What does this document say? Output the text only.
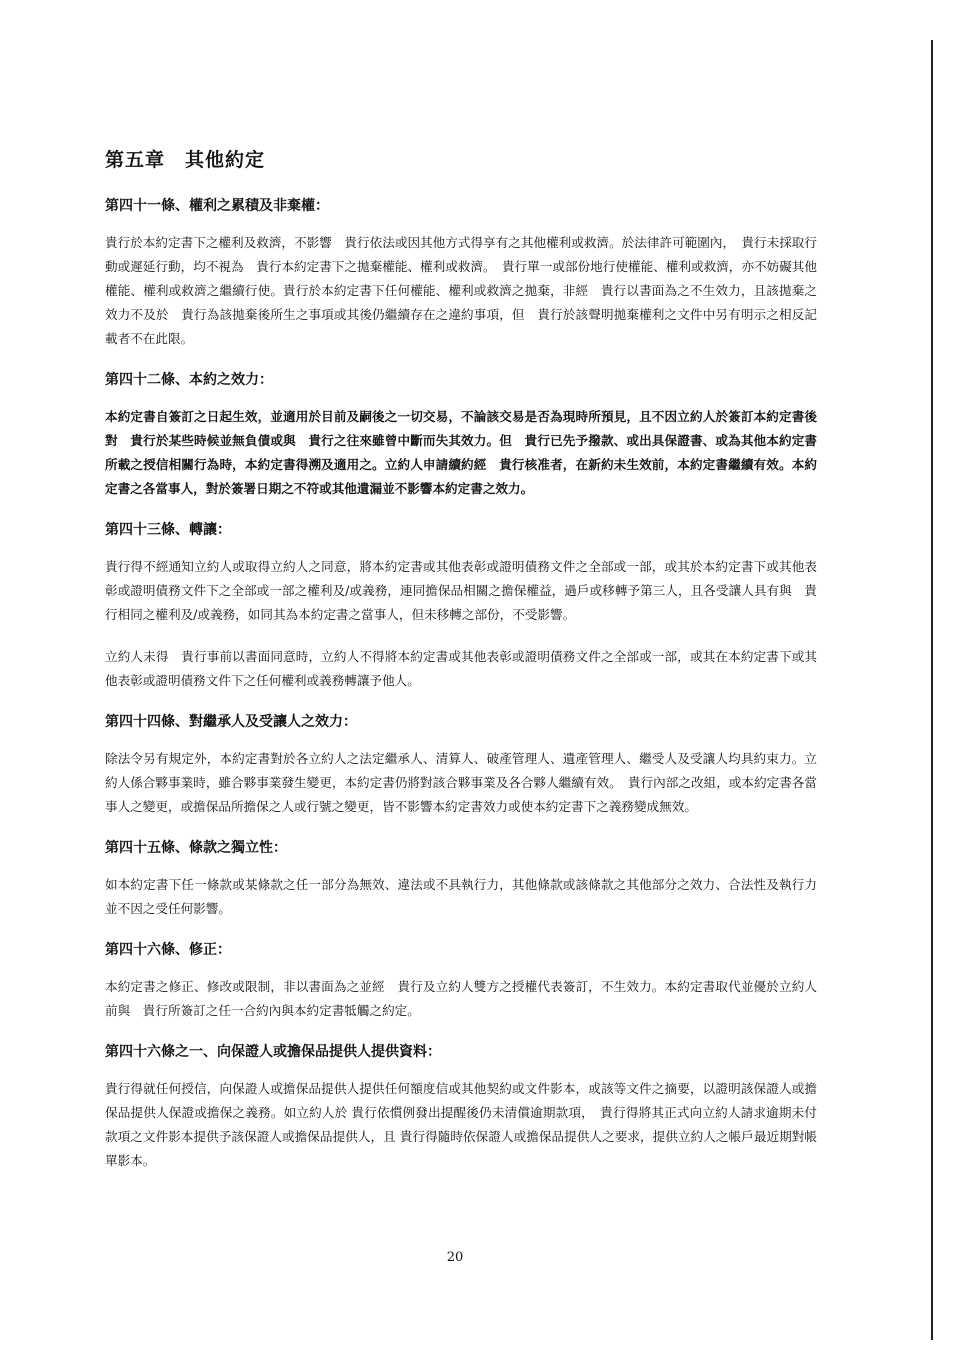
第五章　其他約定
第四十一條、權利之累積及非棄權：

貴行於本約定書下之權利及救濟，不影響　貴行依法或因其他方式得享有之其他權利或救濟。於法律許可範圍內，　貴行未採取行動或遲延行動，均不視為　貴行本約定書下之拋棄權能、權利或救濟。　貴行單一或部份地行使權能、權利或救濟，亦不妨礙其他權能、權利或救濟之繼續行使。貴行於本約定書下任何權能、權利或救濟之拋棄，非經　貴行以書面為之不生效力，且該拋棄之效力不及於　貴行為該拋棄後所生之事項或其後仍繼續存在之違約事項，但　貴行於該聲明拋棄權利之文件中另有明示之相反記載者不在此限。

第四十二條、本約之效力：

本約定書自簽訂之日起生效，並適用於目前及嗣後之一切交易，不論該交易是否為現時所預見，且不因立約人於簽訂本約定書後對　貴行於某些時候並無負債或與　貴行之往來雖曾中斷而失其效力。但　貴行已先予撥款、或出具保證書、或為其他本約定書所載之授信相關行為時，本約定書得溯及適用之。立約人申請續約經　貴行核准者，在新約未生效前，本約定書繼續有效。本約定書之各當事人，對於簽署日期之不符或其他遺漏並不影響本約定書之效力。

第四十三條、轉讓：

貴行得不經通知立約人或取得立約人之同意，將本約定書或其他表彰或證明債務文件之全部或一部，或其於本約定書下或其他表彰或證明債務文件下之全部或一部之權利及/或義務，連同擔保品相關之擔保權益，過戶或移轉予第三人，且各受讓人具有與　貴行相同之權利及/或義務，如同其為本約定書之當事人，但未移轉之部份，不受影響。

立約人未得　貴行事前以書面同意時，立約人不得將本約定書或其他表彰或證明債務文件之全部或一部，或其在本約定書下或其他表彰或證明債務文件下之任何權利或義務轉讓予他人。

第四十四條、對繼承人及受讓人之效力：

除法令另有規定外，本約定書對於各立約人之法定繼承人、清算人、破產管理人、遺產管理人、繼受人及受讓人均具約束力。立約人係合夥事業時，雖合夥事業發生變更，本約定書仍將對該合夥事業及各合夥人繼續有效。　貴行內部之改組，或本約定書各當事人之變更，或擔保品所擔保之人或行號之變更，皆不影響本約定書效力或使本約定書下之義務變成無效。

第四十五條、條款之獨立性：

如本約定書下任一條款或某條款之任一部分為無效、違法或不具執行力，其他條款或該條款之其他部分之效力、合法性及執行力並不因之受任何影響。

第四十六條、修正：

本約定書之修正、修改或限制，非以書面為之並經　貴行及立約人雙方之授權代表簽訂，不生效力。本約定書取代並優於立約人前與　貴行所簽訂之任一合約內與本約定書牴觸之約定。

第四十六條之一、向保證人或擔保品提供人提供資料：

貴行得就任何授信，向保證人或擔保品提供人提供任何額度信或其他契約或文件影本，或該等文件之摘要，以證明該保證人或擔保品提供人保證或擔保之義務。如立約人於 貴行依慣例發出提醒後仍未清償逾期款項，　貴行得將其正式向立約人請求逾期未付款項之文件影本提供予該保證人或擔保品提供人，且 貴行得隨時依保證人或擔保品提供人之要求，提供立約人之帳戶最近期對帳單影本。

20
